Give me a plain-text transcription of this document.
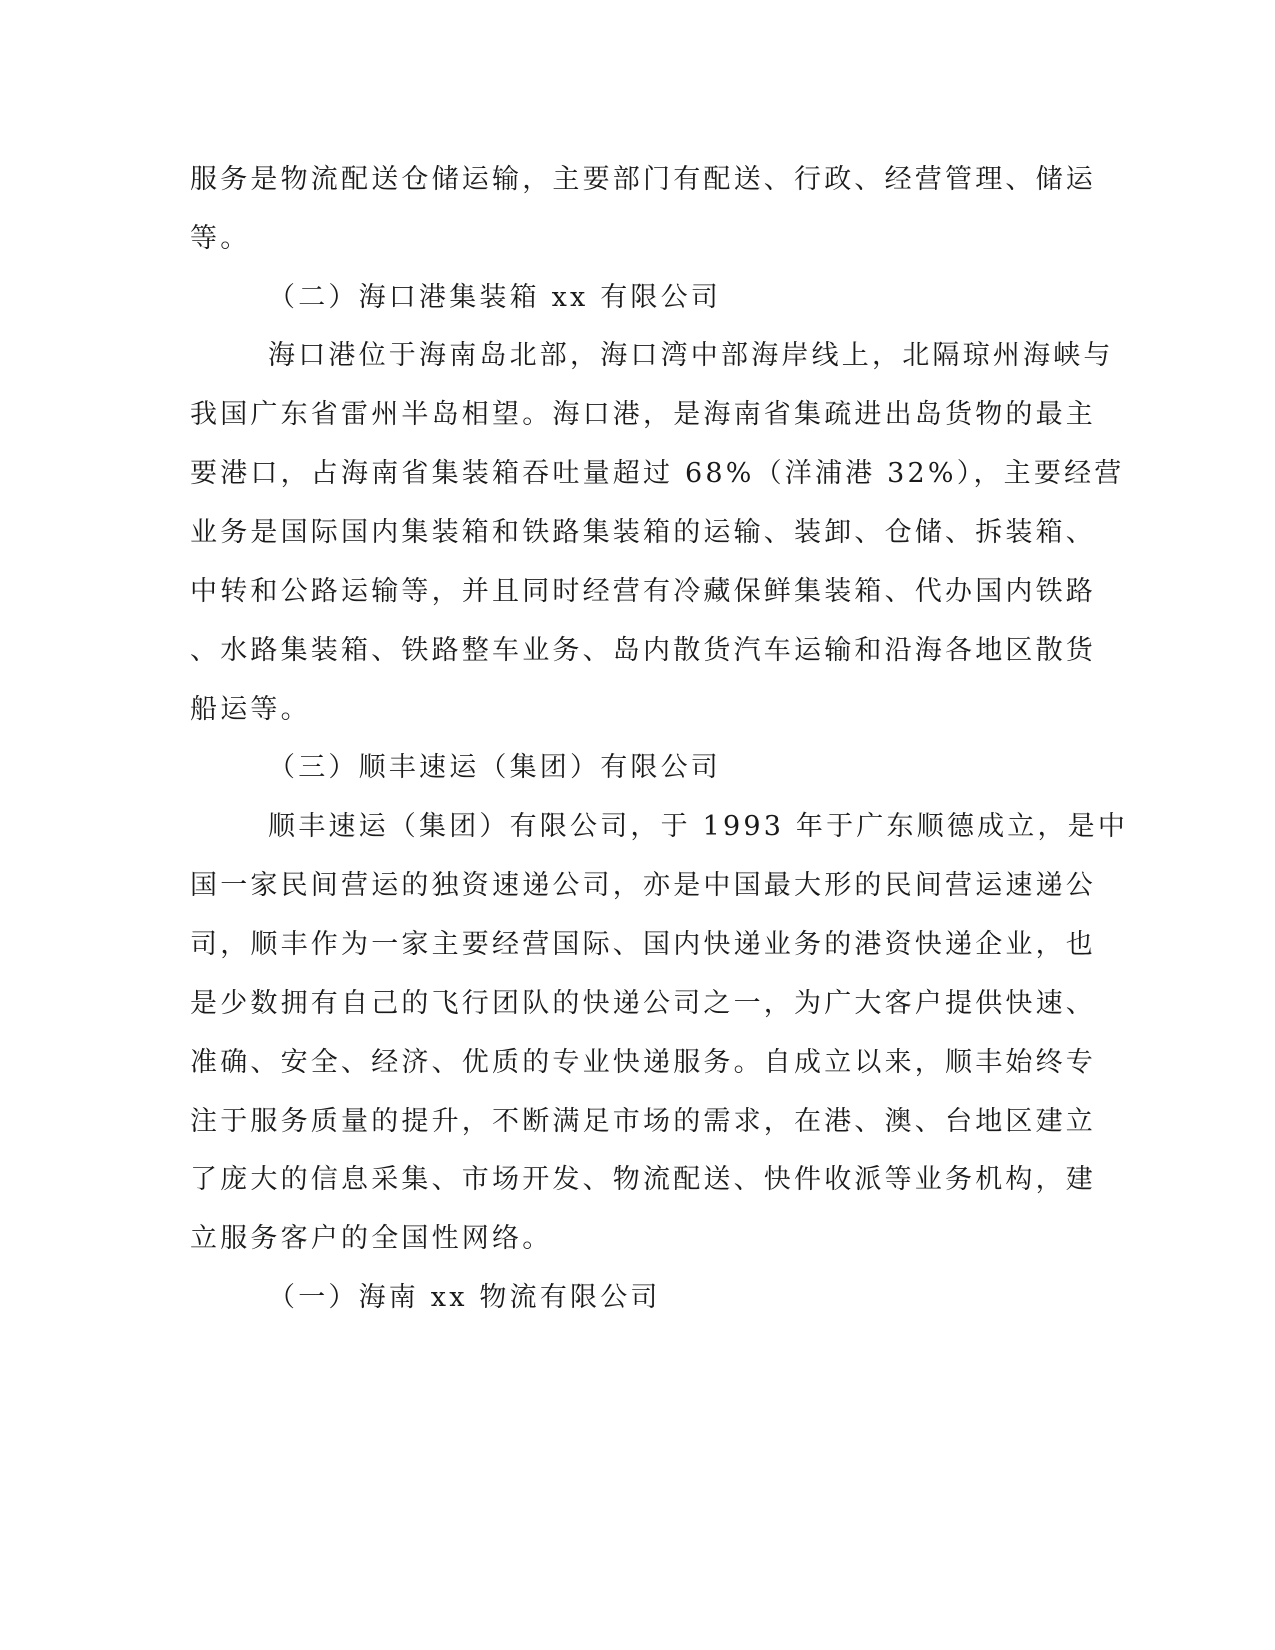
服务是物流配送仓储运输，主要部门有配送、行政、经营管理、储运
等。
（二）海口港集装箱 xx 有限公司
海口港位于海南岛北部，海口湾中部海岸线上，北隔琼州海峡与
我国广东省雷州半岛相望。海口港，是海南省集疏进出岛货物的最主
要港口，占海南省集装箱吞吐量超过 68%（洋浦港 32%），主要经营
业务是国际国内集装箱和铁路集装箱的运输、装卸、仓储、拆装箱、
中转和公路运输等，并且同时经营有冷藏保鲜集装箱、代办国内铁路
、水路集装箱、铁路整车业务、岛内散货汽车运输和沿海各地区散货
船运等。
（三）顺丰速运（集团）有限公司
顺丰速运（集团）有限公司，于 1993 年于广东顺德成立，是中
国一家民间营运的独资速递公司，亦是中国最大形的民间营运速递公
司，顺丰作为一家主要经营国际、国内快递业务的港资快递企业，也
是少数拥有自己的飞行团队的快递公司之一，为广大客户提供快速、
准确、安全、经济、优质的专业快递服务。自成立以来，顺丰始终专
注于服务质量的提升，不断满足市场的需求，在港、澳、台地区建立
了庞大的信息采集、市场开发、物流配送、快件收派等业务机构，建
立服务客户的全国性网络。
（一）海南 xx 物流有限公司
